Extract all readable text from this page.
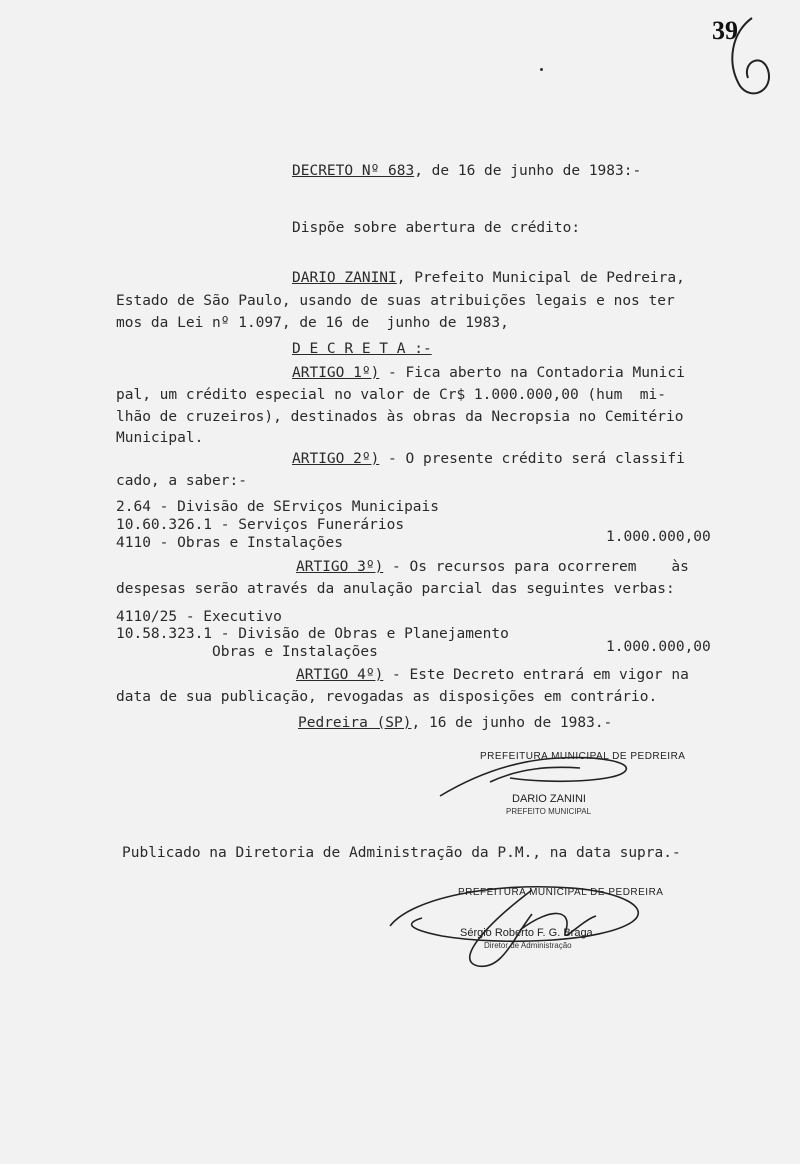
39
DECRETO Nº 683, de 16 de junho de 1983:-
Dispõe sobre abertura de crédito:
DARIO ZANINI, Prefeito Municipal de Pedreira,
Estado de São Paulo, usando de suas atribuições legais e nos ter
mos da Lei nº 1.097, de 16 de  junho de 1983,
D E C R E T A :-
ARTIGO 1º) - Fica aberto na Contadoria Munici
pal, um crédito especial no valor de Cr$ 1.000.000,00 (hum  mi-
lhão de cruzeiros), destinados às obras da Necropsia no Cemitério
Municipal.
ARTIGO 2º) - O presente crédito será classifi
cado, a saber:-
2.64 - Divisão de SErviços Municipais
10.60.326.1 - Serviços Funerários
4110 - Obras e Instalações	1.000.000,00
ARTIGO 3º) - Os recursos para ocorrerem    às
despesas serão através da anulação parcial das seguintes verbas:
4110/25 - Executivo
10.58.323.1 - Divisão de Obras e Planejamento
Obras e Instalações	1.000.000,00
ARTIGO 4º) - Este Decreto entrará em vigor na
data de sua publicação, revogadas as disposições em contrário.
Pedreira (SP), 16 de junho de 1983.-
PREFEITURA MUNICIPAL DE PEDREIRA
DARIO ZANINI
PREFEITO MUNICIPAL
Publicado na Diretoria de Administração da P.M., na data supra.-
PREFEITURA MUNICIPAL DE PEDREIRA
Sérgio Roberto F. G. Braga
Diretor de Administração
